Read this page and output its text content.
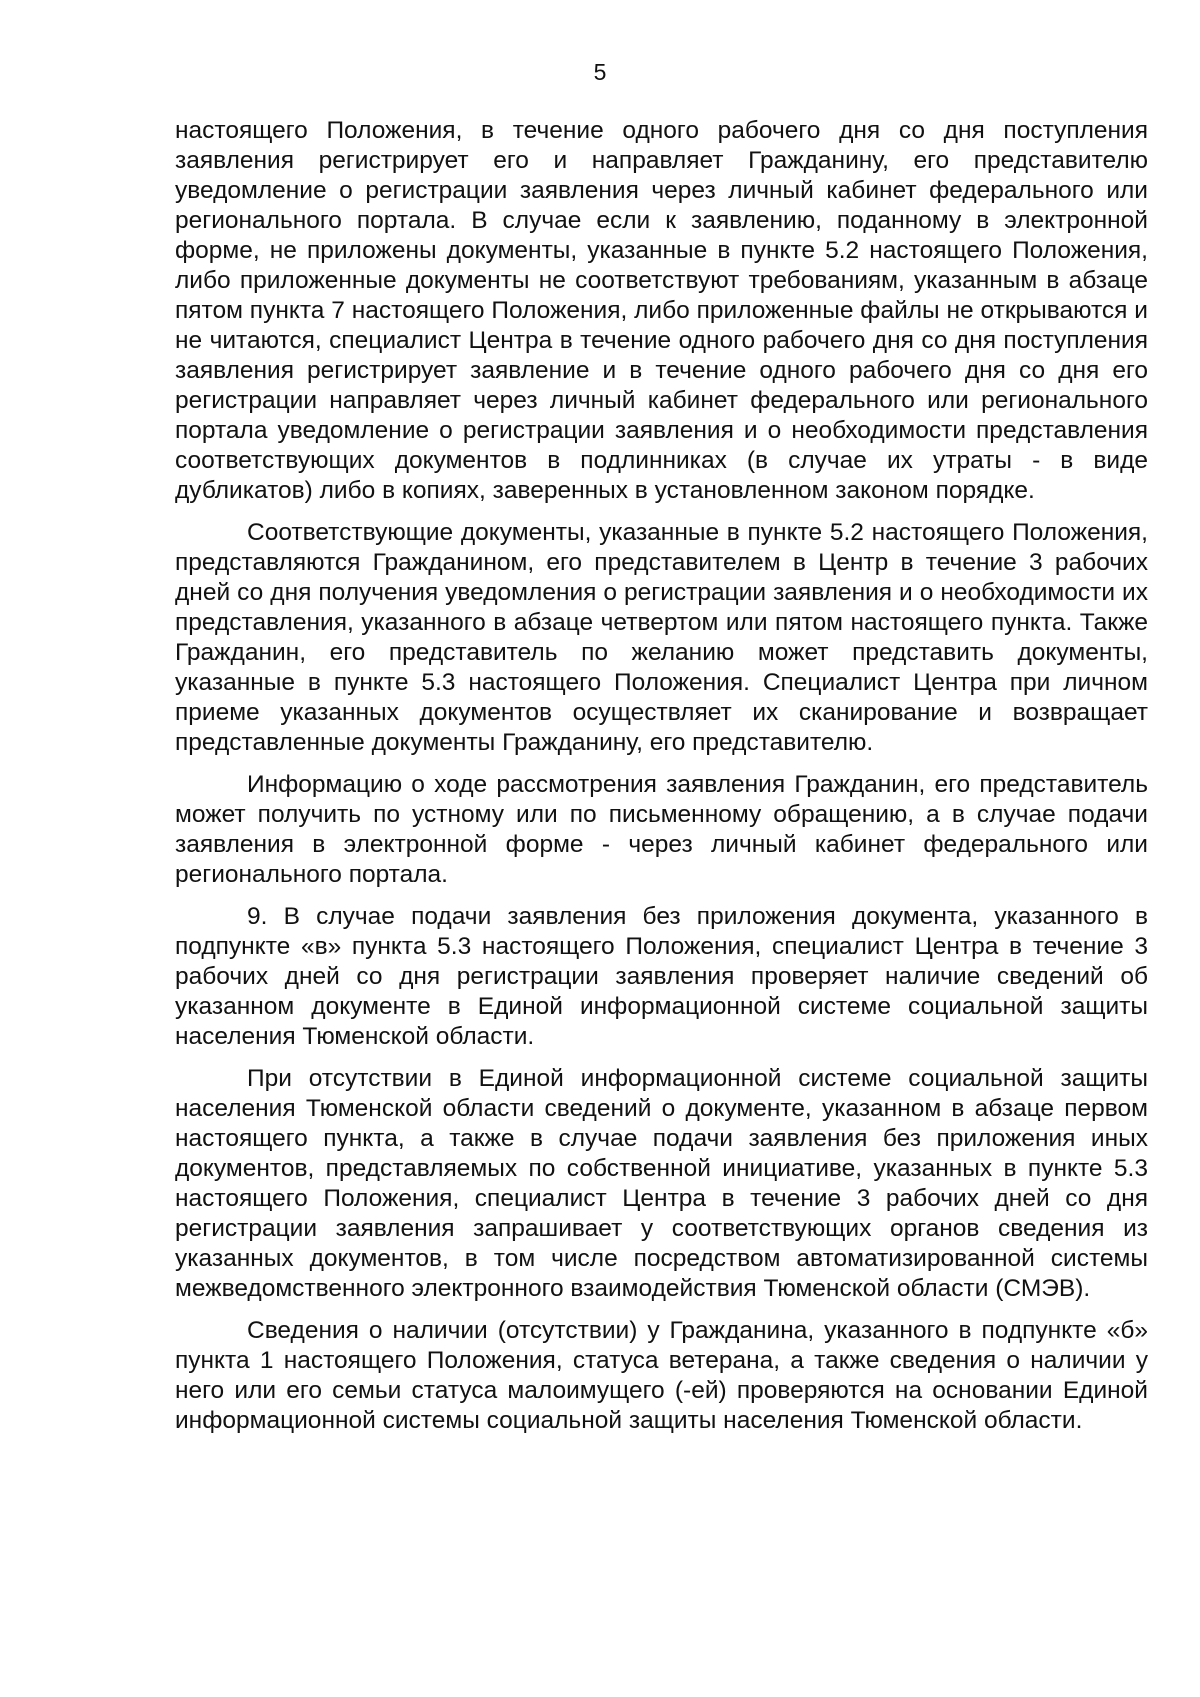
5

настоящего Положения, в течение одного рабочего дня со дня поступления заявления регистрирует его и направляет Гражданину, его представителю уведомление о регистрации заявления через личный кабинет федерального или регионального портала. В случае если к заявлению, поданному в электронной форме, не приложены документы, указанные в пункте 5.2 настоящего Положения, либо приложенные документы не соответствуют требованиям, указанным в абзаце пятом пункта 7 настоящего Положения, либо приложенные файлы не открываются и не читаются, специалист Центра в течение одного рабочего дня со дня поступления заявления регистрирует заявление и в течение одного рабочего дня со дня его регистрации направляет через личный кабинет федерального или регионального портала уведомление о регистрации заявления и о необходимости представления соответствующих документов в подлинниках (в случае их утраты - в виде дубликатов) либо в копиях, заверенных в установленном законом порядке.

Соответствующие документы, указанные в пункте 5.2 настоящего Положения, представляются Гражданином, его представителем в Центр в течение 3 рабочих дней со дня получения уведомления о регистрации заявления и о необходимости их представления, указанного в абзаце четвертом или пятом настоящего пункта. Также Гражданин, его представитель по желанию может представить документы, указанные в пункте 5.3 настоящего Положения. Специалист Центра при личном приеме указанных документов осуществляет их сканирование и возвращает представленные документы Гражданину, его представителю.

Информацию о ходе рассмотрения заявления Гражданин, его представитель может получить по устному или по письменному обращению, а в случае подачи заявления в электронной форме - через личный кабинет федерального или регионального портала.

9. В случае подачи заявления без приложения документа, указанного в подпункте «в» пункта 5.3 настоящего Положения, специалист Центра в течение 3 рабочих дней со дня регистрации заявления проверяет наличие сведений об указанном документе в Единой информационной системе социальной защиты населения Тюменской области.

При отсутствии в Единой информационной системе социальной защиты населения Тюменской области сведений о документе, указанном в абзаце первом настоящего пункта, а также в случае подачи заявления без приложения иных документов, представляемых по собственной инициативе, указанных в пункте 5.3 настоящего Положения, специалист Центра в течение 3 рабочих дней со дня регистрации заявления запрашивает у соответствующих органов сведения из указанных документов, в том числе посредством автоматизированной системы межведомственного электронного взаимодействия Тюменской области (СМЭВ).

Сведения о наличии (отсутствии) у Гражданина, указанного в подпункте «б» пункта 1 настоящего Положения, статуса ветерана, а также сведения о наличии у него или его семьи статуса малоимущего (-ей) проверяются на основании Единой информационной системы социальной защиты населения Тюменской области.
